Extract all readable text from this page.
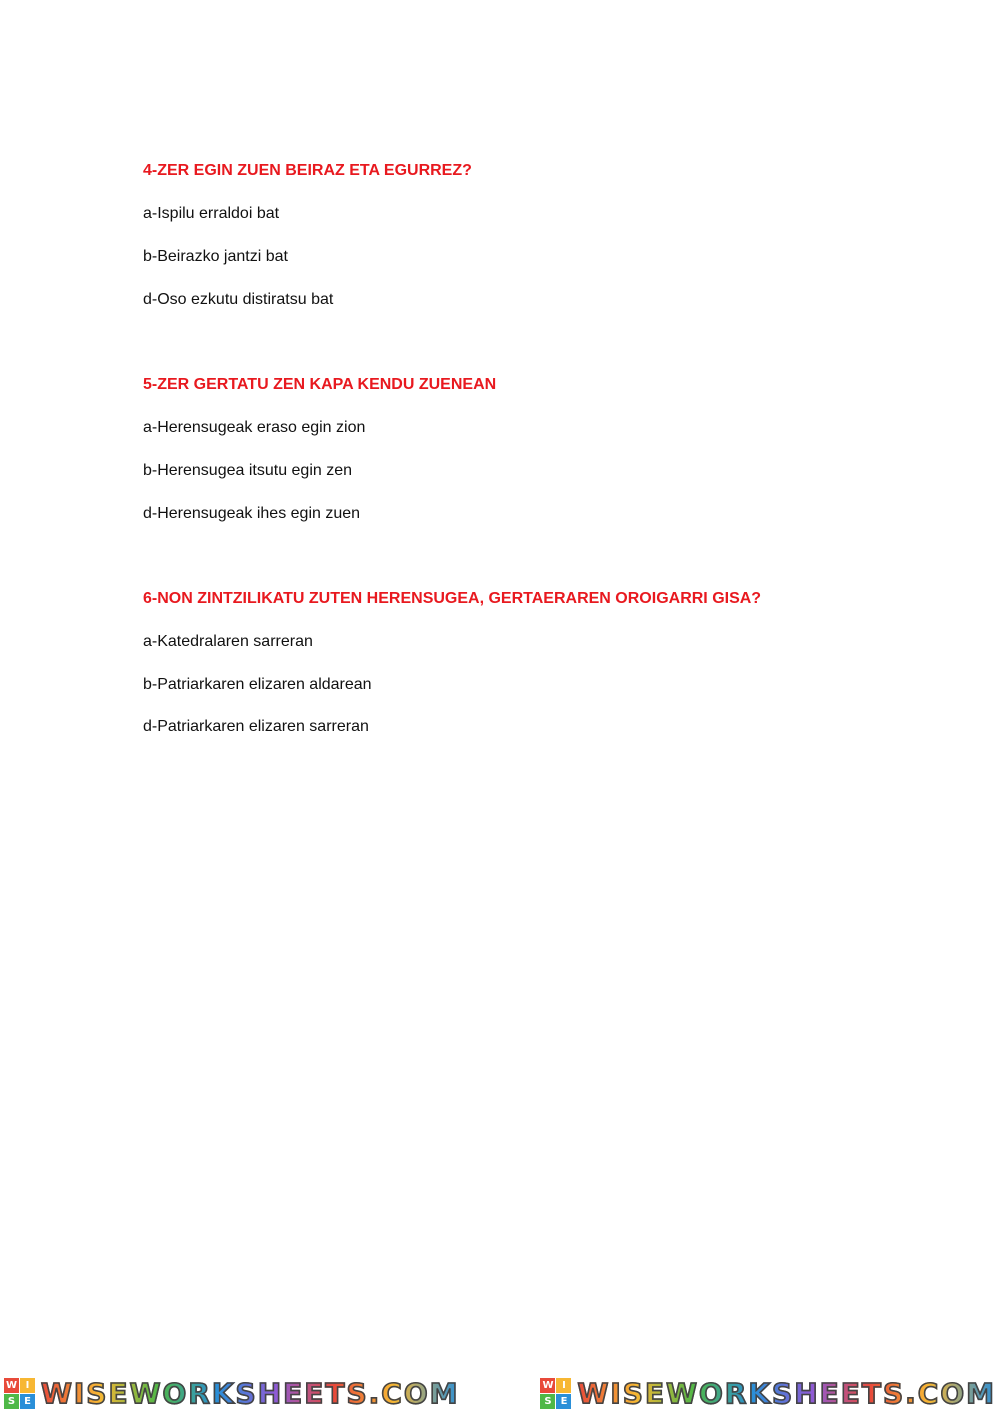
4-ZER EGIN ZUEN BEIRAZ ETA EGURREZ?

a-Ispilu erraldoi bat

b-Beirazko jantzi bat

d-Oso ezkutu distiratsu bat

5-ZER GERTATU ZEN KAPA KENDU ZUENEAN

a-Herensugeak eraso egin zion

b-Herensugea itsutu egin zen

d-Herensugeak ihes egin zuen

6-NON ZINTZILIKATU ZUTEN HERENSUGEA, GERTAERAREN OROIGARRI GISA?

a-Katedralaren sarreran

b-Patriarkaren elizaren aldarean

d-Patriarkaren elizaren sarreran

W I
S E WISEWORKSHEETS.COM	W I
S E WISEWORKSHEETS.COM
